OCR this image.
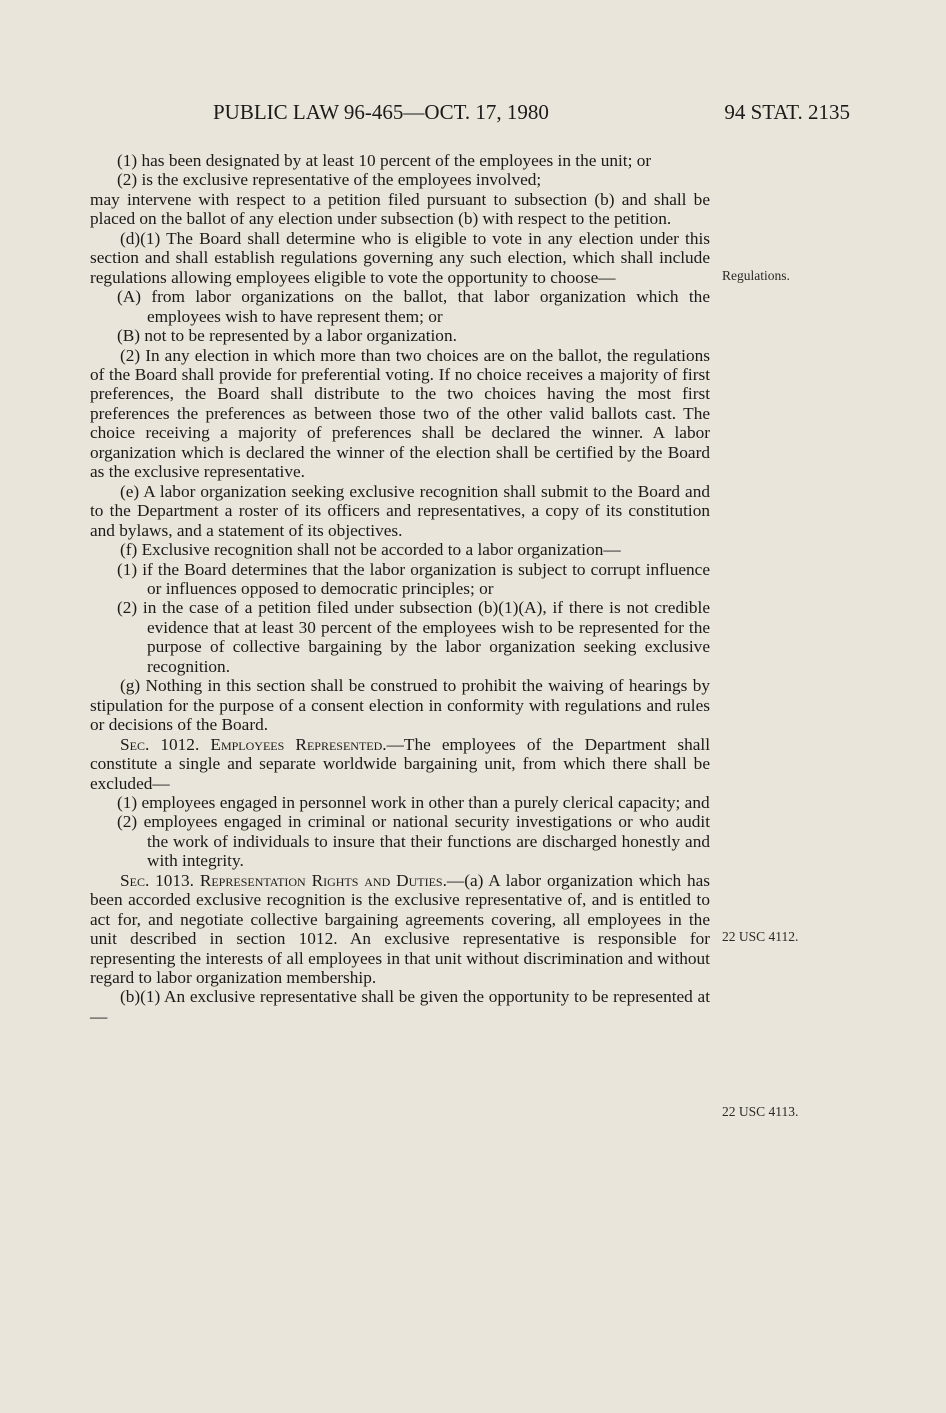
PUBLIC LAW 96-465—OCT. 17, 1980	94 STAT. 2135
Regulations.
22 USC 4112.
22 USC 4113.

(1) has been designated by at least 10 percent of the employees in the unit; or

(2) is the exclusive representative of the employees involved;

may intervene with respect to a petition filed pursuant to subsection (b) and shall be placed on the ballot of any election under subsection (b) with respect to the petition.

(d)(1) The Board shall determine who is eligible to vote in any election under this section and shall establish regulations governing any such election, which shall include regulations allowing employees eligible to vote the opportunity to choose—

(A) from labor organizations on the ballot, that labor organization which the employees wish to have represent them; or

(B) not to be represented by a labor organization.

(2) In any election in which more than two choices are on the ballot, the regulations of the Board shall provide for preferential voting. If no choice receives a majority of first preferences, the Board shall distribute to the two choices having the most first preferences the preferences as between those two of the other valid ballots cast. The choice receiving a majority of preferences shall be declared the winner. A labor organization which is declared the winner of the election shall be certified by the Board as the exclusive representative.

(e) A labor organization seeking exclusive recognition shall submit to the Board and to the Department a roster of its officers and representatives, a copy of its constitution and bylaws, and a statement of its objectives.

(f) Exclusive recognition shall not be accorded to a labor organization—

(1) if the Board determines that the labor organization is subject to corrupt influence or influences opposed to democratic principles; or

(2) in the case of a petition filed under subsection (b)(1)(A), if there is not credible evidence that at least 30 percent of the employees wish to be represented for the purpose of collective bargaining by the labor organization seeking exclusive recognition.

(g) Nothing in this section shall be construed to prohibit the waiving of hearings by stipulation for the purpose of a consent election in conformity with regulations and rules or decisions of the Board.

Sec. 1012. Employees Represented.—The employees of the Department shall constitute a single and separate worldwide bargaining unit, from which there shall be excluded—

(1) employees engaged in personnel work in other than a purely clerical capacity; and

(2) employees engaged in criminal or national security investigations or who audit the work of individuals to insure that their functions are discharged honestly and with integrity.

Sec. 1013. Representation Rights and Duties.—(a) A labor organization which has been accorded exclusive recognition is the exclusive representative of, and is entitled to act for, and negotiate collective bargaining agreements covering, all employees in the unit described in section 1012. An exclusive representative is responsible for representing the interests of all employees in that unit without discrimination and without regard to labor organization membership.

(b)(1) An exclusive representative shall be given the opportunity to be represented at—
